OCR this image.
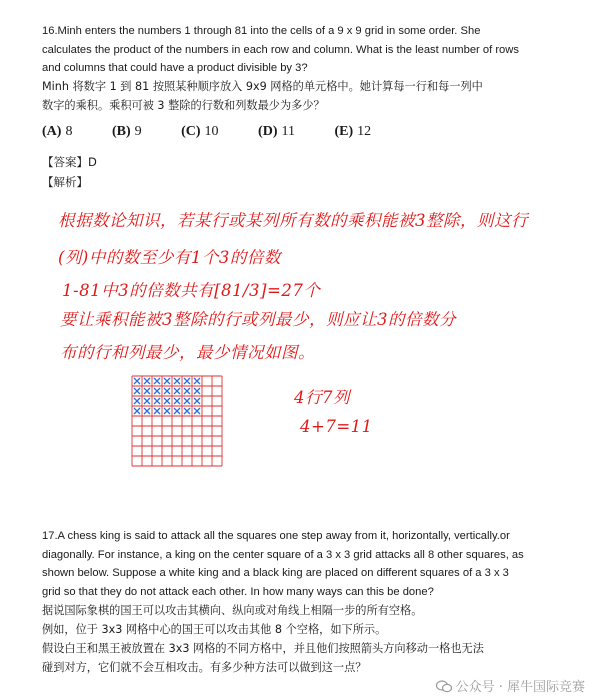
16.Minh enters the numbers 1 through 81 into the cells of a 9 x 9 grid in some order. She
calculates the product of the numbers in each row and column. What is the least number of rows
and columns that could have a product divisible by 3?
Minh 将数字 1 到 81 按照某种顺序放入 9x9 网格的单元格中。她计算每一行和每一列中
数字的乘积。乘积可被 3 整除的行数和列数最少为多少？
(A) 8	(B) 9	(C) 10	(D) 11	(E) 12
【答案】D
【解析】
根据数论知识，若某行或某列所有数的乘积能被3整除，则这行
(列)中的数至少有1个3的倍数
1-81中3的倍数共有[81/3]=27个
要让乘积能被3整除的行或列最少，则应让3的倍数分
布的行和列最少，最少情况如图。
4行7列
4+7=11
17.A chess king is said to attack all the squares one step away from it, horizontally, vertically.or
diagonally. For instance, a king on the center square of a 3 x 3 grid attacks all 8 other squares, as
shown below. Suppose a white king and a black king are placed on different squares of a 3 x 3
grid so that they do not attack each other. In how many ways can this be done?
据说国际象棋的国王可以攻击其横向、纵向或对角线上相隔一步的所有空格。
例如，位于 3x3 网格中心的国王可以攻击其他 8 个空格，如下所示。
假设白王和黑王被放置在 3x3 网格的不同方格中，并且他们按照箭头方向移动一格也无法
碰到对方，它们就不会互相攻击。有多少种方法可以做到这一点？
公众号 · 犀牛国际竞赛
